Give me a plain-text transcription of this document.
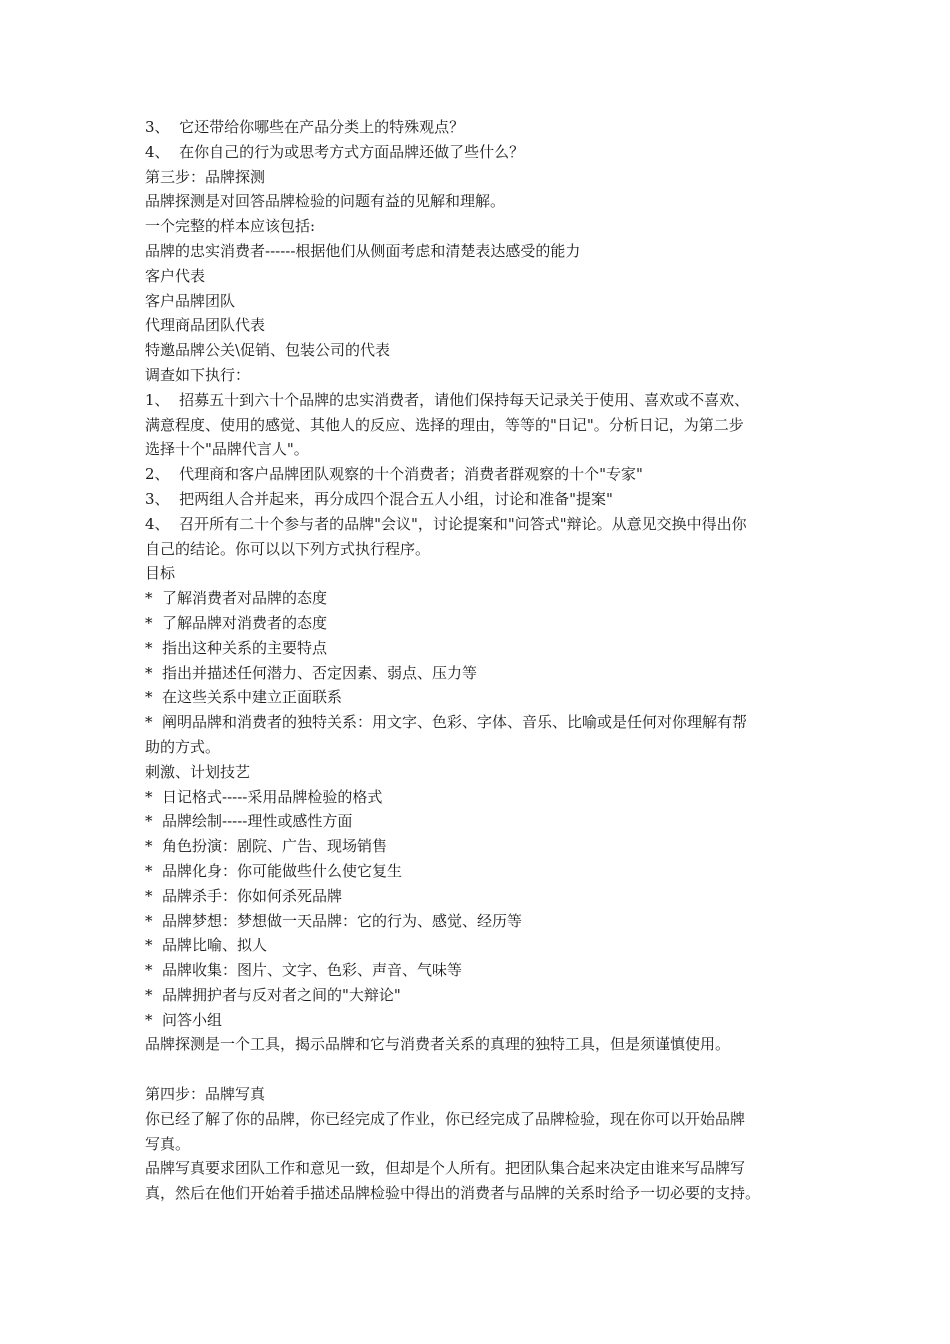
3、  它还带给你哪些在产品分类上的特殊观点？

4、  在你自己的行为或思考方式方面品牌还做了些什么？

第三步：品牌探测

品牌探测是对回答品牌检验的问题有益的见解和理解。

一个完整的样本应该包括:

品牌的忠实消费者------根据他们从侧面考虑和清楚表达感受的能力

客户代表

客户品牌团队

代理商品团队代表

特邀品牌公关\促销、包装公司的代表

调查如下执行：

1、  招募五十到六十个品牌的忠实消费者，请他们保持每天记录关于使用、喜欢或不喜欢、

满意程度、使用的感觉、其他人的反应、选择的理由，等等的"日记"。分析日记，为第二步

选择十个"品牌代言人"。

2、  代理商和客户品牌团队观察的十个消费者；消费者群观察的十个"专家"

3、  把两组人合并起来，再分成四个混合五人小组，讨论和准备"提案"

4、  召开所有二十个参与者的品牌"会议"，讨论提案和"问答式"辩论。从意见交换中得出你

自己的结论。你可以以下列方式执行程序。

目标

*  了解消费者对品牌的态度

*  了解品牌对消费者的态度

*  指出这种关系的主要特点

*  指出并描述任何潜力、否定因素、弱点、压力等

*  在这些关系中建立正面联系

*  阐明品牌和消费者的独特关系：用文字、色彩、字体、音乐、比喻或是任何对你理解有帮

助的方式。

刺激、计划技艺

*  日记格式-----采用品牌检验的格式

*  品牌绘制-----理性或感性方面

*  角色扮演：剧院、广告、现场销售

*  品牌化身：你可能做些什么使它复生

*  品牌杀手：你如何杀死品牌

*  品牌梦想：梦想做一天品牌：它的行为、感觉、经历等

*  品牌比喻、拟人

*  品牌收集：图片、文字、色彩、声音、气味等

*  品牌拥护者与反对者之间的"大辩论"

*  问答小组

品牌探测是一个工具，揭示品牌和它与消费者关系的真理的独特工具，但是须谨慎使用。

第四步：品牌写真

你已经了解了你的品牌，你已经完成了作业，你已经完成了品牌检验，现在你可以开始品牌

写真。

品牌写真要求团队工作和意见一致，但却是个人所有。把团队集合起来决定由谁来写品牌写

真，然后在他们开始着手描述品牌检验中得出的消费者与品牌的关系时给予一切必要的支持。
